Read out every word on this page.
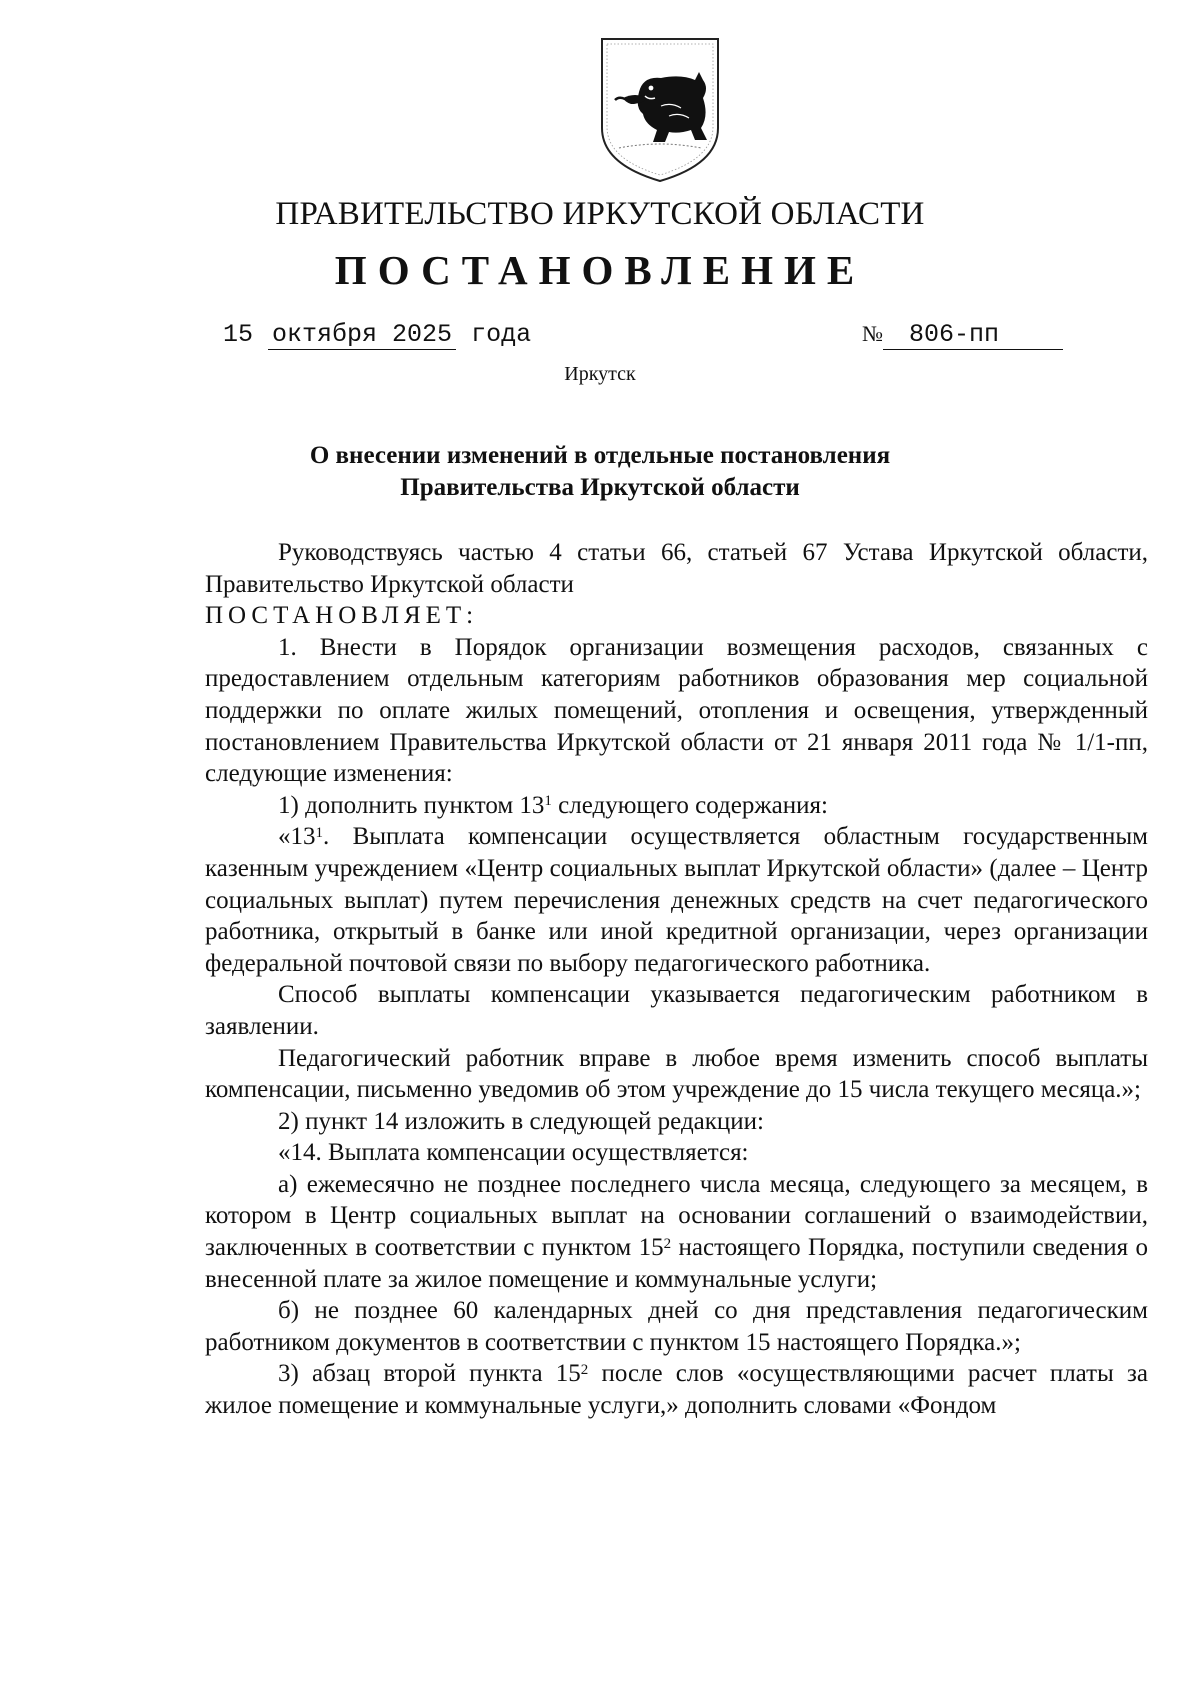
ПРАВИТЕЛЬСТВО ИРКУТСКОЙ ОБЛАСТИ
ПОСТАНОВЛЕНИЕ
15 октября 2025 года	№ 806-пп
Иркутск
О внесении изменений в отдельные постановления
Правительства Иркутской области

Руководствуясь частью 4 статьи 66, статьей 67 Устава Иркутской области, Правительство Иркутской области

ПОСТАНОВЛЯЕТ:

1. Внести в Порядок организации возмещения расходов, связанных с предоставлением отдельным категориям работников образования мер социальной поддержки по оплате жилых помещений, отопления и освещения, утвержденный постановлением Правительства Иркутской области от 21 января 2011 года № 1/1-пп, следующие изменения:

1) дополнить пунктом $13^1$ следующего содержания:

«$13^1$. Выплата компенсации осуществляется областным государственным казенным учреждением «Центр социальных выплат Иркутской области» (далее – Центр социальных выплат) путем перечисления денежных средств на счет педагогического работника, открытый в банке или иной кредитной организации, через организации федеральной почтовой связи по выбору педагогического работника.

Способ выплаты компенсации указывается педагогическим работником в заявлении.

Педагогический работник вправе в любое время изменить способ выплаты компенсации, письменно уведомив об этом учреждение до 15 числа текущего месяца.»;

2) пункт 14 изложить в следующей редакции:

«14. Выплата компенсации осуществляется:

а) ежемесячно не позднее последнего числа месяца, следующего за месяцем, в котором в Центр социальных выплат на основании соглашений о взаимодействии, заключенных в соответствии с пунктом $15^2$ настоящего Порядка, поступили сведения о внесенной плате за жилое помещение и коммунальные услуги;

б) не позднее 60 календарных дней со дня представления педагогическим работником документов в соответствии с пунктом 15 настоящего Порядка.»;

3) абзац второй пункта $15^2$ после слов «осуществляющими расчет платы за жилое помещение и коммунальные услуги,» дополнить словами «Фондом
